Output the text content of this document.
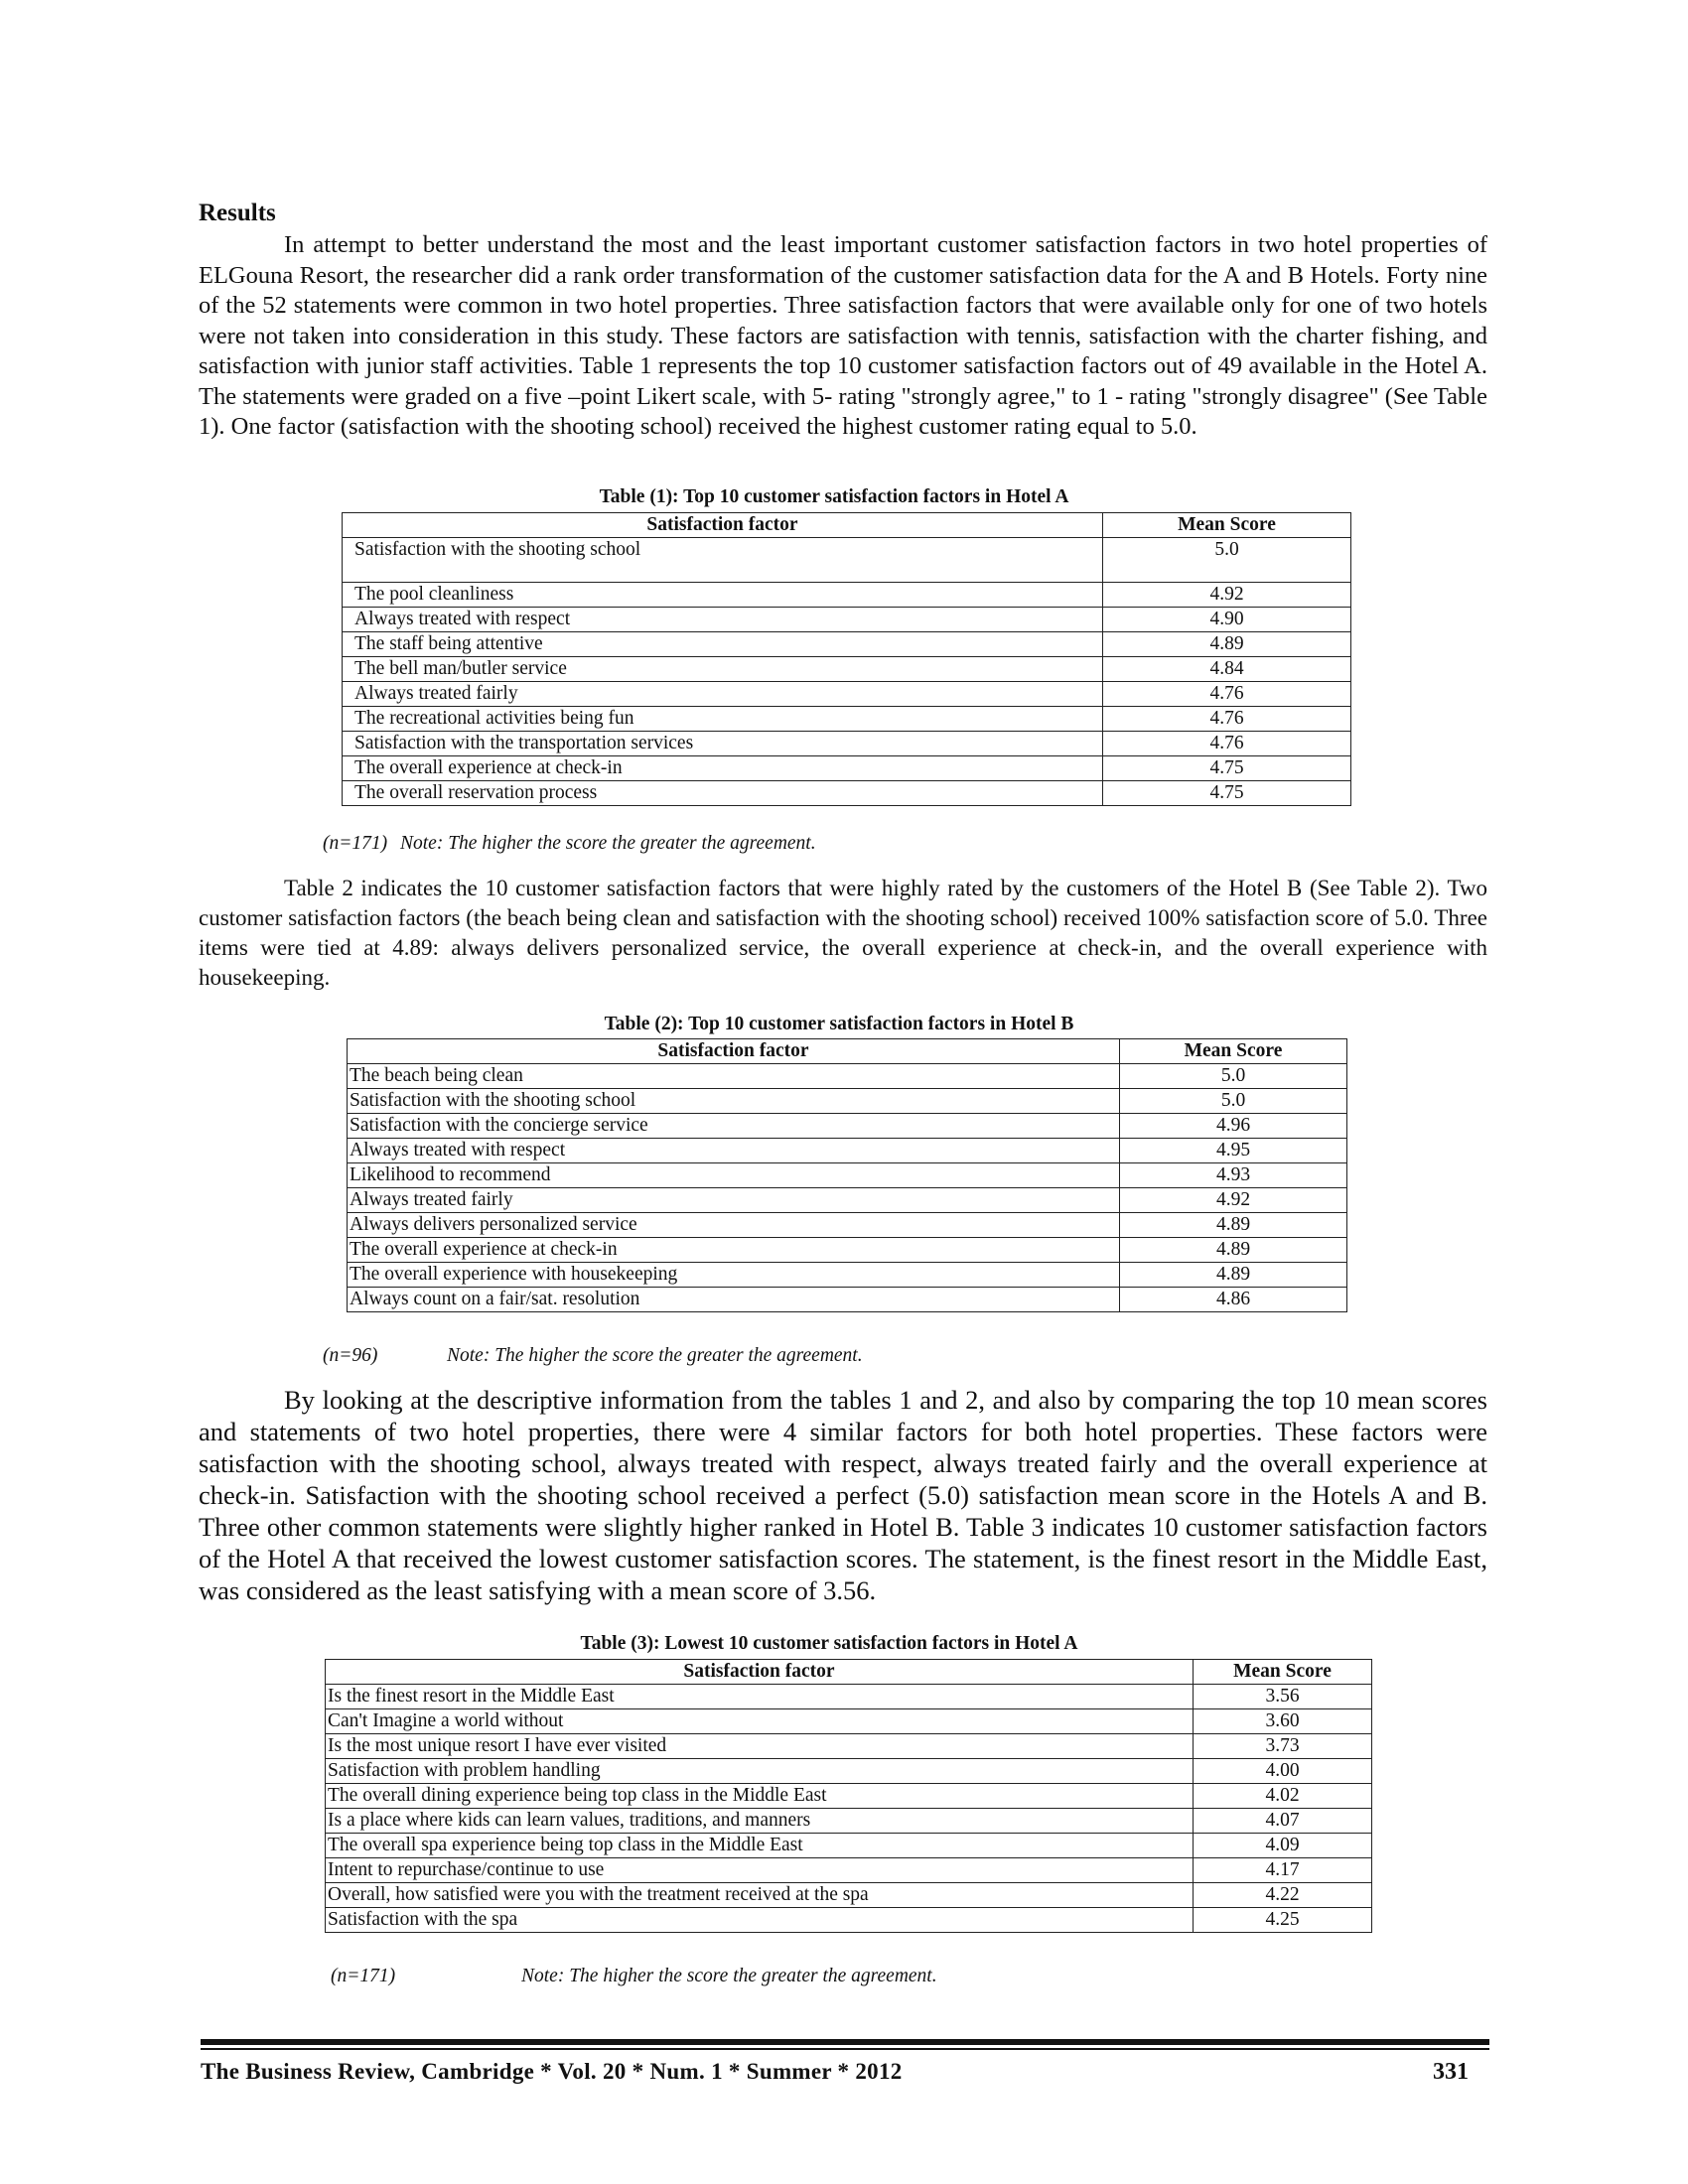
Results

In attempt to better understand the most and the least important customer satisfaction factors in two hotel properties of ELGouna Resort, the researcher did a rank order transformation of the customer satisfaction data for the A and B Hotels. Forty nine of the 52 statements were common in two hotel properties. Three satisfaction factors that were available only for one of two hotels were not taken into consideration in this study. These factors are satisfaction with tennis, satisfaction with the charter fishing, and satisfaction with junior staff activities. Table 1 represents the top 10 customer satisfaction factors out of 49 available in the Hotel A. The statements were graded on a five –point Likert scale, with 5- rating "strongly agree," to 1 - rating "strongly disagree" (See Table 1). One factor (satisfaction with the shooting school) received the highest customer rating equal to 5.0.

Table (1): Top 10 customer satisfaction factors in Hotel A
Satisfaction factor	Mean Score
Satisfaction with the shooting school	5.0
The pool cleanliness	4.92
Always treated with respect	4.90
The staff being attentive	4.89
The bell man/butler service	4.84
Always treated fairly	4.76
The recreational activities being fun	4.76
Satisfaction with the transportation services	4.76
The overall experience at check-in	4.75
The overall reservation process	4.75
(n=171) Note: The higher the score the greater the agreement.

Table 2 indicates the 10 customer satisfaction factors that were highly rated by the customers of the Hotel B (See Table 2). Two customer satisfaction factors (the beach being clean and satisfaction with the shooting school) received 100% satisfaction score of 5.0. Three items were tied at 4.89: always delivers personalized service, the overall experience at check-in, and the overall experience with housekeeping.

Table (2): Top 10 customer satisfaction factors in Hotel B
Satisfaction factor	Mean Score
The beach being clean	5.0
Satisfaction with the shooting school	5.0
Satisfaction with the concierge service	4.96
Always treated with respect	4.95
Likelihood to recommend	4.93
Always treated fairly	4.92
Always delivers personalized service	4.89
The overall experience at check-in	4.89
The overall experience with housekeeping	4.89
Always count on a fair/sat. resolution	4.86
(n=96)	Note: The higher the score the greater the agreement.

By looking at the descriptive information from the tables 1 and 2, and also by comparing the top 10 mean scores and statements of two hotel properties, there were 4 similar factors for both hotel properties. These factors were satisfaction with the shooting school, always treated with respect, always treated fairly and the overall experience at check-in. Satisfaction with the shooting school received a perfect (5.0) satisfaction mean score in the Hotels A and B. Three other common statements were slightly higher ranked in Hotel B. Table 3 indicates 10 customer satisfaction factors of the Hotel A that received the lowest customer satisfaction scores. The statement, is the finest resort in the Middle East, was considered as the least satisfying with a mean score of 3.56.

Table (3): Lowest 10 customer satisfaction factors in Hotel A
Satisfaction factor	Mean Score
Is the finest resort in the Middle East	3.56
Can't Imagine a world without	3.60
Is the most unique resort I have ever visited	3.73
Satisfaction with problem handling	4.00
The overall dining experience being top class in the Middle East	4.02
Is a place where kids can learn values, traditions, and manners	4.07
The overall spa experience being top class in the Middle East	4.09
Intent to repurchase/continue to use	4.17
Overall, how satisfied were you with the treatment received at the spa	4.22
Satisfaction with the spa	4.25
(n=171)	Note: The higher the score the greater the agreement.
The Business Review, Cambridge * Vol. 20 * Num. 1 * Summer * 2012	331
